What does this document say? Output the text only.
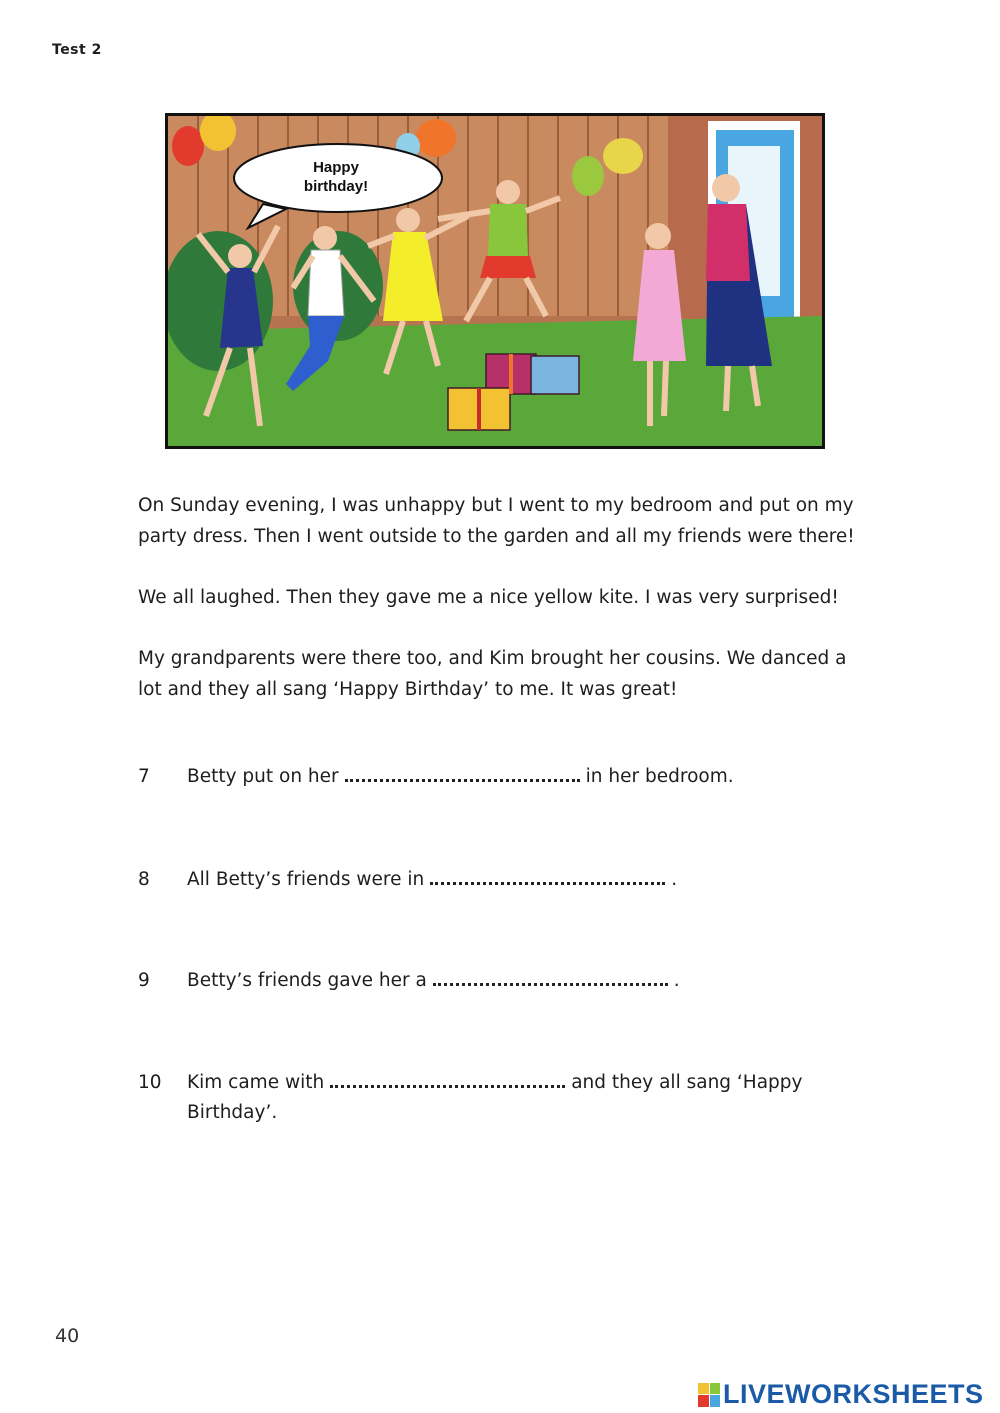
Test 2
Happy
birthday!

On Sunday evening, I was unhappy but I went to my bedroom and put on my party dress. Then I went outside to the garden and all my friends were there!

We all laughed. Then they gave me a nice yellow kite. I was very surprised!

My grandparents were there too, and Kim brought her cousins. We danced a lot and they all sang ‘Happy Birthday’ to me. It was great!

7 Betty put on her	in her bedroom.
8 All Betty’s friends were in	.
9 Betty’s friends gave her a	.
10 Kim came with	and they all sang ‘Happy Birthday’.
40
LIVEWORKSHEETS
